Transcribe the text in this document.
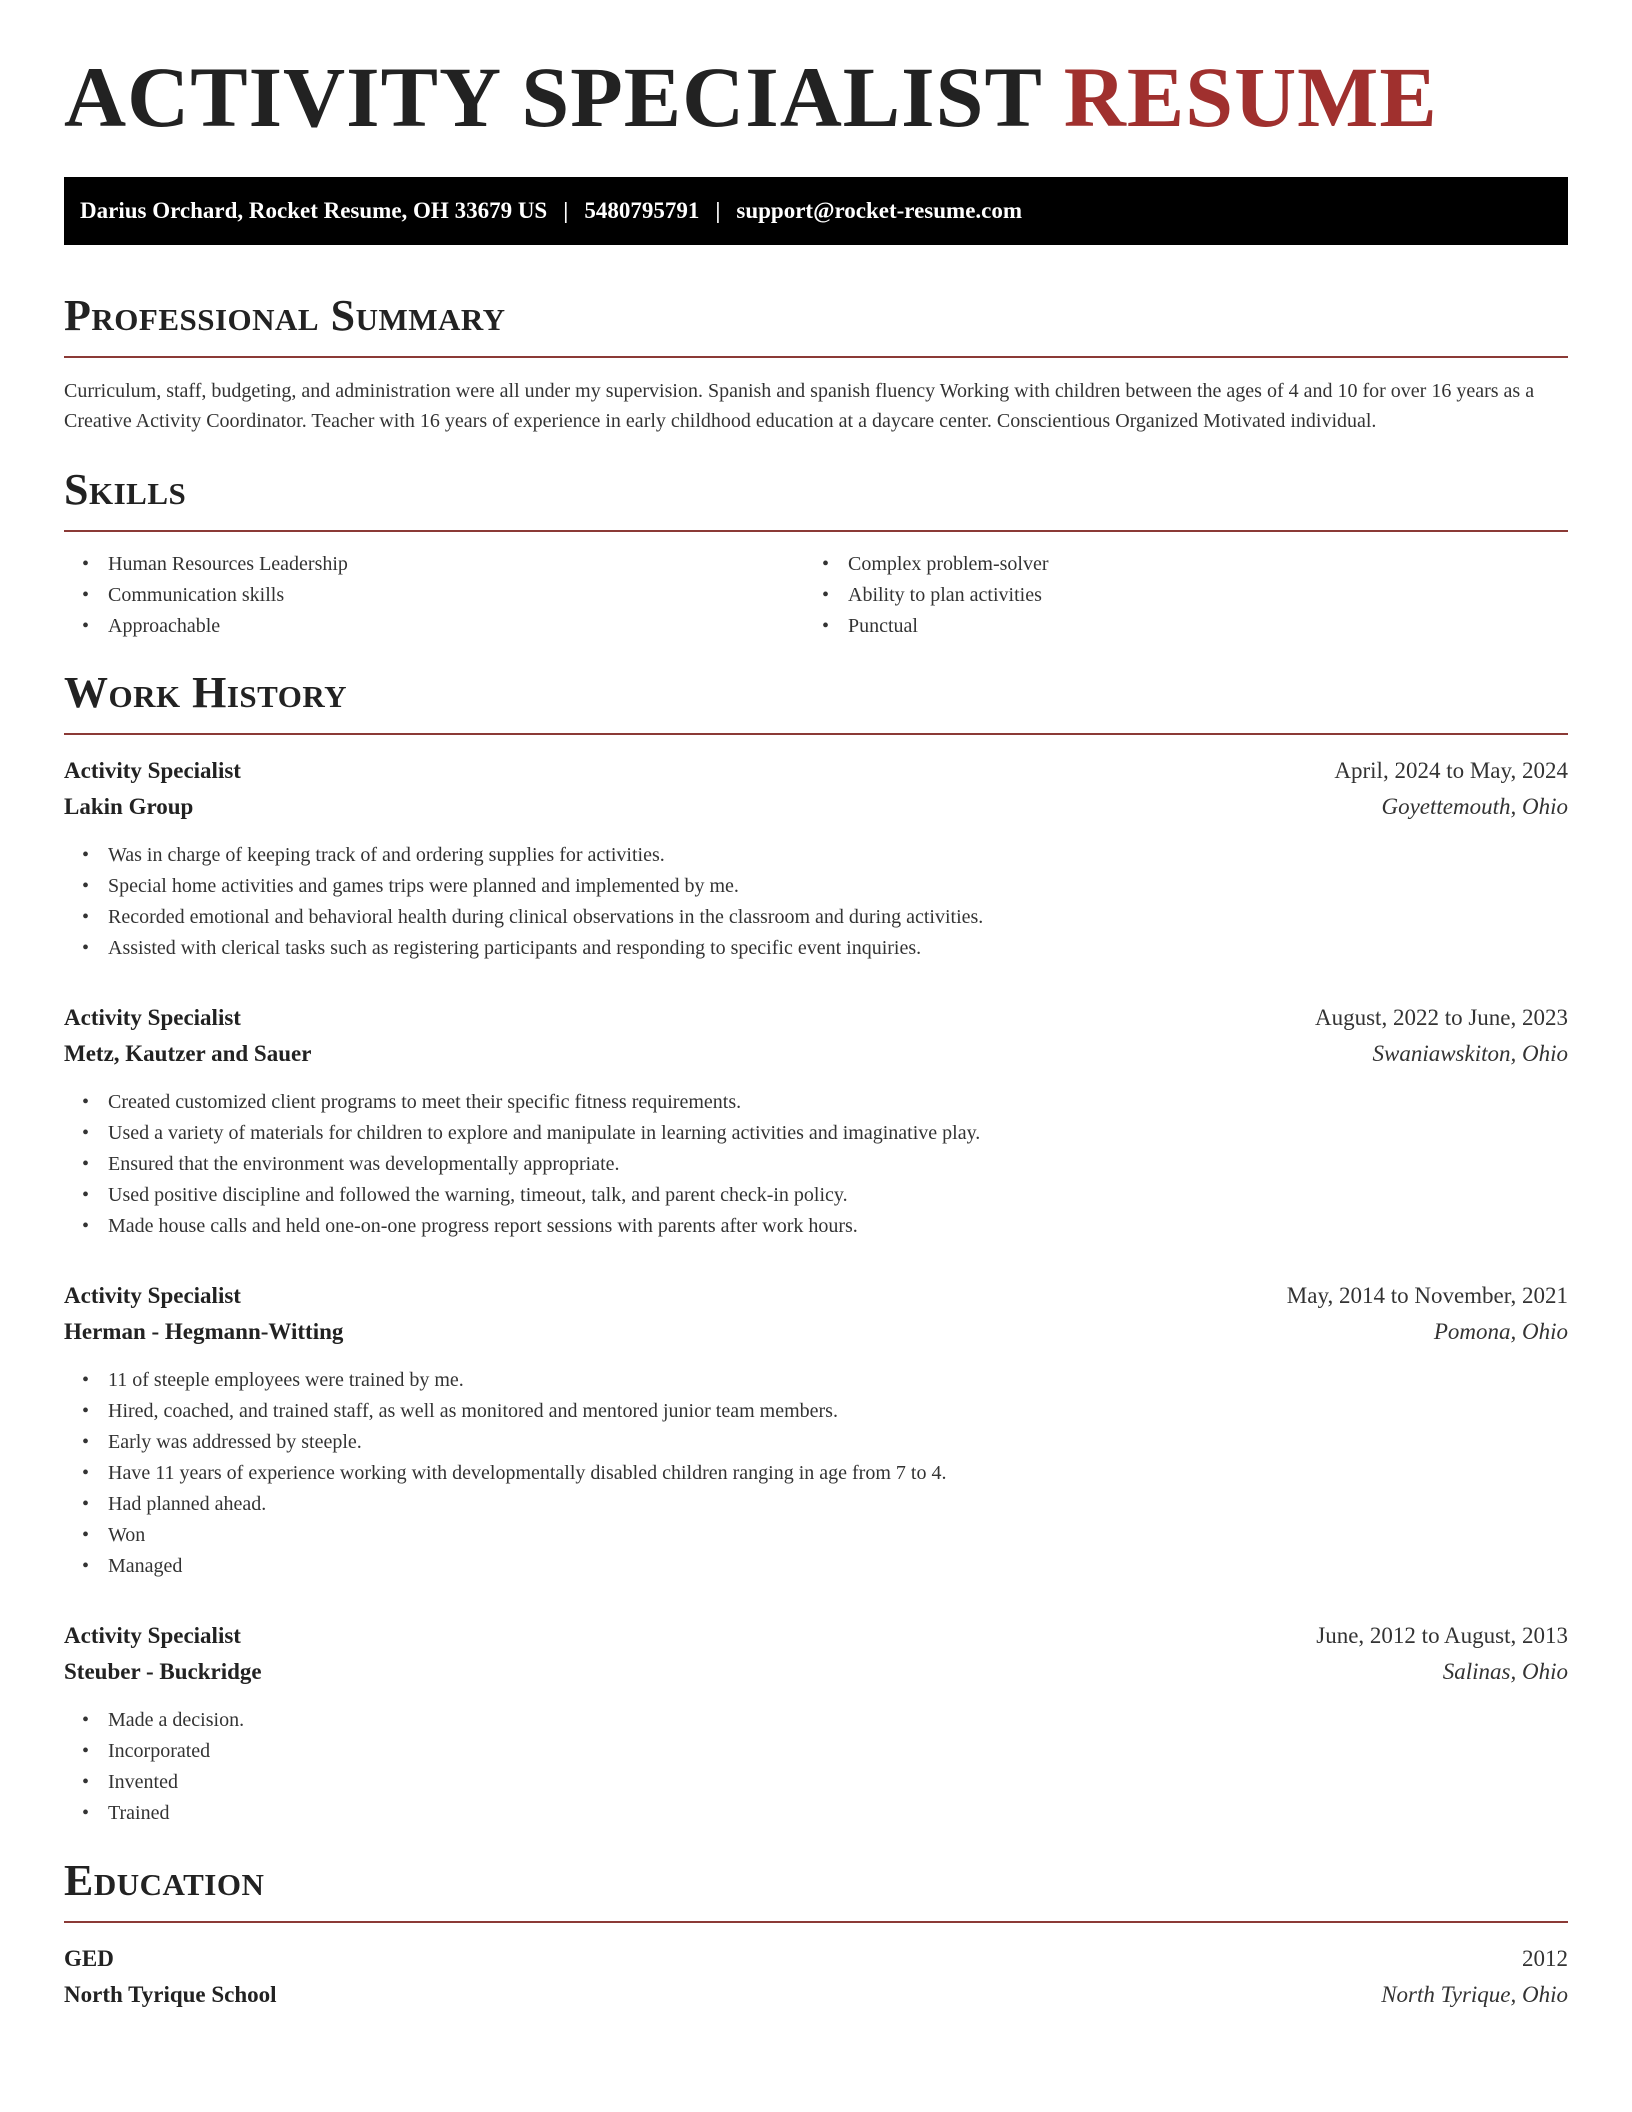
ACTIVITY SPECIALIST RESUME
Darius Orchard, Rocket Resume, OH 33679 US | 5480795791 | support@rocket-resume.com
Professional Summary

Curriculum, staff, budgeting, and administration were all under my supervision. Spanish and spanish fluency Working with children between the ages of 4 and 10 for over 16 years as a Creative Activity Coordinator. Teacher with 16 years of experience in early childhood education at a daycare center. Conscientious Organized Motivated individual.

Skills
• Human Resources Leadership
• Communication skills
• Approachable
• Complex problem-solver
• Ability to plan activities
• Punctual
Work History
Activity Specialist	April, 2024 to May, 2024
Lakin Group	Goyettemouth, Ohio
• Was in charge of keeping track of and ordering supplies for activities.
• Special home activities and games trips were planned and implemented by me.
• Recorded emotional and behavioral health during clinical observations in the classroom and during activities.
• Assisted with clerical tasks such as registering participants and responding to specific event inquiries.
Activity Specialist	August, 2022 to June, 2023
Metz, Kautzer and Sauer	Swaniawskiton, Ohio
• Created customized client programs to meet their specific fitness requirements.
• Used a variety of materials for children to explore and manipulate in learning activities and imaginative play.
• Ensured that the environment was developmentally appropriate.
• Used positive discipline and followed the warning, timeout, talk, and parent check-in policy.
• Made house calls and held one-on-one progress report sessions with parents after work hours.
Activity Specialist	May, 2014 to November, 2021
Herman - Hegmann-Witting	Pomona, Ohio
• 11 of steeple employees were trained by me.
• Hired, coached, and trained staff, as well as monitored and mentored junior team members.
• Early was addressed by steeple.
• Have 11 years of experience working with developmentally disabled children ranging in age from 7 to 4.
• Had planned ahead.
• Won
• Managed
Activity Specialist	June, 2012 to August, 2013
Steuber - Buckridge	Salinas, Ohio
• Made a decision.
• Incorporated
• Invented
• Trained
Education
GED	2012
North Tyrique School	North Tyrique, Ohio
